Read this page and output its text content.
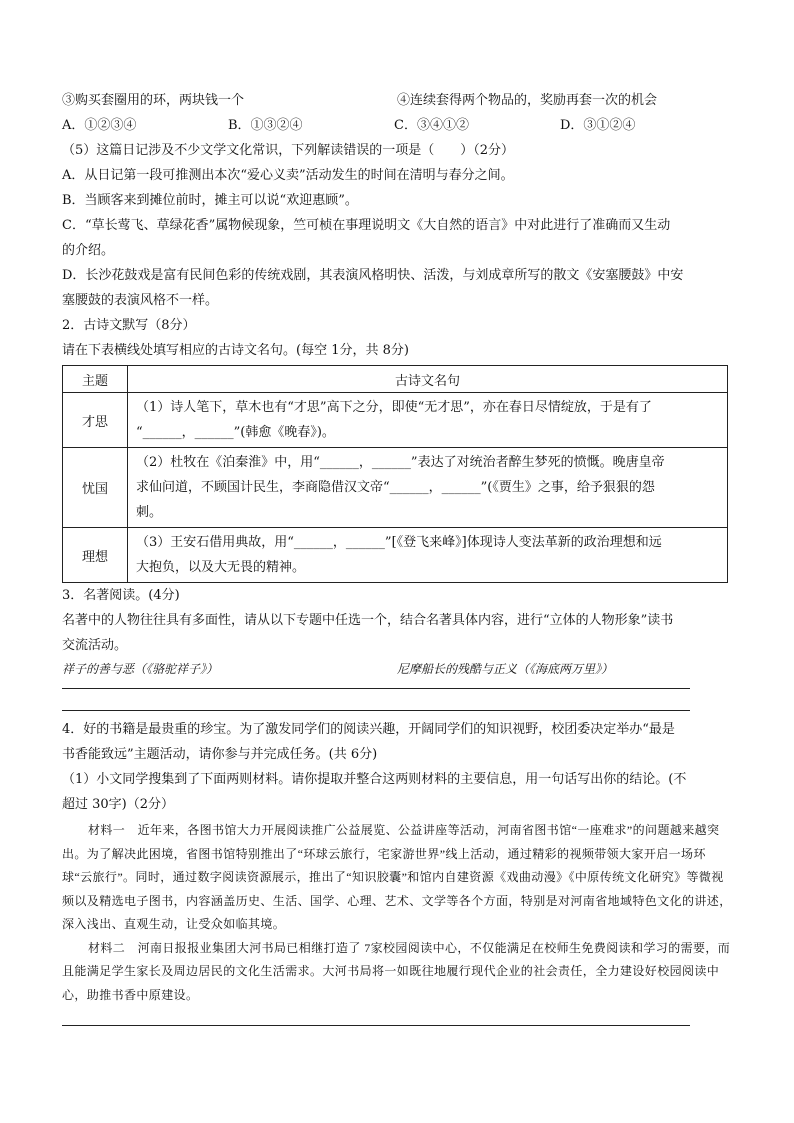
③购买套圈用的环，两块钱一个	④连续套得两个物品的，奖励再套一次的机会
A．①②③④	B．①③②④	C．③④①②	D．③①②④
（5）这篇日记涉及不少文学文化常识，下列解读错误的一项是（　　）（2分）
A．从日记第一段可推测出本次“爱心义卖”活动发生的时间在清明与春分之间。
B．当顾客来到摊位前时，摊主可以说“欢迎惠顾”。
C．“草长莺飞、草绿花香”属物候现象，竺可桢在事理说明文《大自然的语言》中对此进行了准确而又生动
的介绍。
D．长沙花鼓戏是富有民间色彩的传统戏剧，其表演风格明快、活泼，与刘成章所写的散文《安塞腰鼓》中安
塞腰鼓的表演风格不一样。
2．古诗文默写（8分）
请在下表横线处填写相应的古诗文名句。(每空 1分，共 8分)
主题	古诗文名句
才思	（1）诗人笔下，草木也有“才思”高下之分，即使“无才思”，亦在春日尽情绽放，于是有了
“______，______”(韩愈《晚春》)。

忧国	（2）杜牧在《泊秦淮》中，用“______，______”表达了对统治者醉生梦死的愤慨。晚唐皇帝
求仙问道，不顾国计民生，李商隐借汉文帝“______，______”(《贾生》之事，给予狠狠的怨
刺。

理想	（3）王安石借用典故，用“______，______”[《登飞来峰》]体现诗人变法革新的政治理想和远
大抱负，以及大无畏的精神。
3．名著阅读。(4分)
名著中的人物往往具有多面性，请从以下专题中任选一个，结合名著具体内容，进行“立体的人物形象”读书
交流活动。
祥子的善与恶（《骆驼祥子》）	尼摩船长的残酷与正义（《海底两万里》）
4．好的书籍是最贵重的珍宝。为了激发同学们的阅读兴趣，开阔同学们的知识视野，校团委决定举办“最是
书香能致远”主题活动，请你参与并完成任务。(共 6分)
（1）小文同学搜集到了下面两则材料。请你提取并整合这两则材料的主要信息，用一句话写出你的结论。(不
超过 30字)（2分）
材料一　近年来，各图书馆大力开展阅读推广公益展览、公益讲座等活动，河南省图书馆“一座难求”的问题越来越突出。为了解决此困境，省图书馆特别推出了“环球云旅行，宅家游世界”线上活动，通过精彩的视频带领大家开启一场环球“云旅行”。同时，通过数字阅读资源展示，推出了“知识胶囊”和馆内自建资源《戏曲动漫》《中原传统文化研究》等微视频以及精选电子图书，内容涵盖历史、生活、国学、心理、艺术、文学等各个方面，特别是对河南省地域特色文化的讲述，深入浅出、直观生动，让受众如临其境。
材料二　河南日报报业集团大河书局已相继打造了 7家校园阅读中心，不仅能满足在校师生免费阅读和学习的需要，而且能满足学生家长及周边居民的文化生活需求。大河书局将一如既往地履行现代企业的社会责任，全力建设好校园阅读中心，助推书香中原建设。
